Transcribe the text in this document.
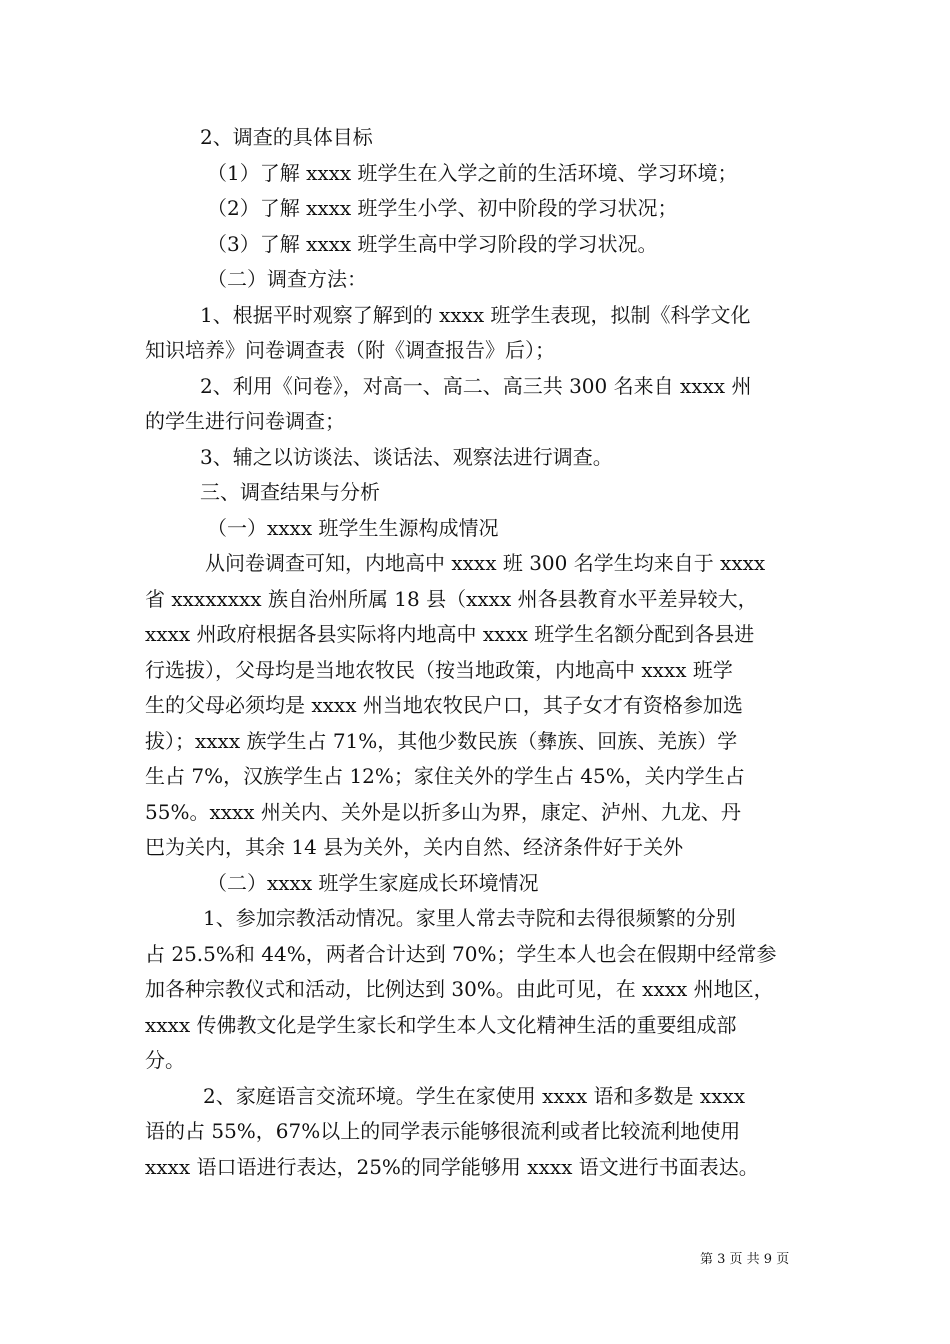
2、调查的具体目标

（1）了解 xxxx 班学生在入学之前的生活环境、学习环境；

（2）了解 xxxx 班学生小学、初中阶段的学习状况；

（3）了解 xxxx 班学生高中学习阶段的学习状况。

（二）调查方法：

1、根据平时观察了解到的 xxxx 班学生表现，拟制《科学文化
知识培养》问卷调查表（附《调查报告》后）；

2、利用《问卷》，对高一、高二、高三共 300 名来自 xxxx 州
的学生进行问卷调查；

3、辅之以访谈法、谈话法、观察法进行调查。

三、调查结果与分析

（一）xxxx 班学生生源构成情况

从问卷调查可知，内地高中 xxxx 班 300 名学生均来自于 xxxx
省 xxxxxxxx 族自治州所属 18 县（xxxx 州各县教育水平差异较大，
xxxx 州政府根据各县实际将内地高中 xxxx 班学生名额分配到各县进
行选拔），父母均是当地农牧民（按当地政策，内地高中 xxxx 班学
生的父母必须均是 xxxx 州当地农牧民户口，其子女才有资格参加选
拔）；xxxx 族学生占 71%，其他少数民族（彝族、回族、羌族）学
生占 7%，汉族学生占 12%；家住关外的学生占 45%，关内学生占
55%。xxxx 州关内、关外是以折多山为界，康定、泸州、九龙、丹
巴为关内，其余 14 县为关外，关内自然、经济条件好于关外

（二）xxxx 班学生家庭成长环境情况

1、参加宗教活动情况。家里人常去寺院和去得很频繁的分别
占 25.5%和 44%，两者合计达到 70%；学生本人也会在假期中经常参
加各种宗教仪式和活动，比例达到 30%。由此可见，在 xxxx 州地区，
xxxx 传佛教文化是学生家长和学生本人文化精神生活的重要组成部
分。

2、家庭语言交流环境。学生在家使用 xxxx 语和多数是 xxxx
语的占 55%，67%以上的同学表示能够很流利或者比较流利地使用
xxxx 语口语进行表达，25%的同学能够用 xxxx 语文进行书面表达。

第 3 页 共 9 页
